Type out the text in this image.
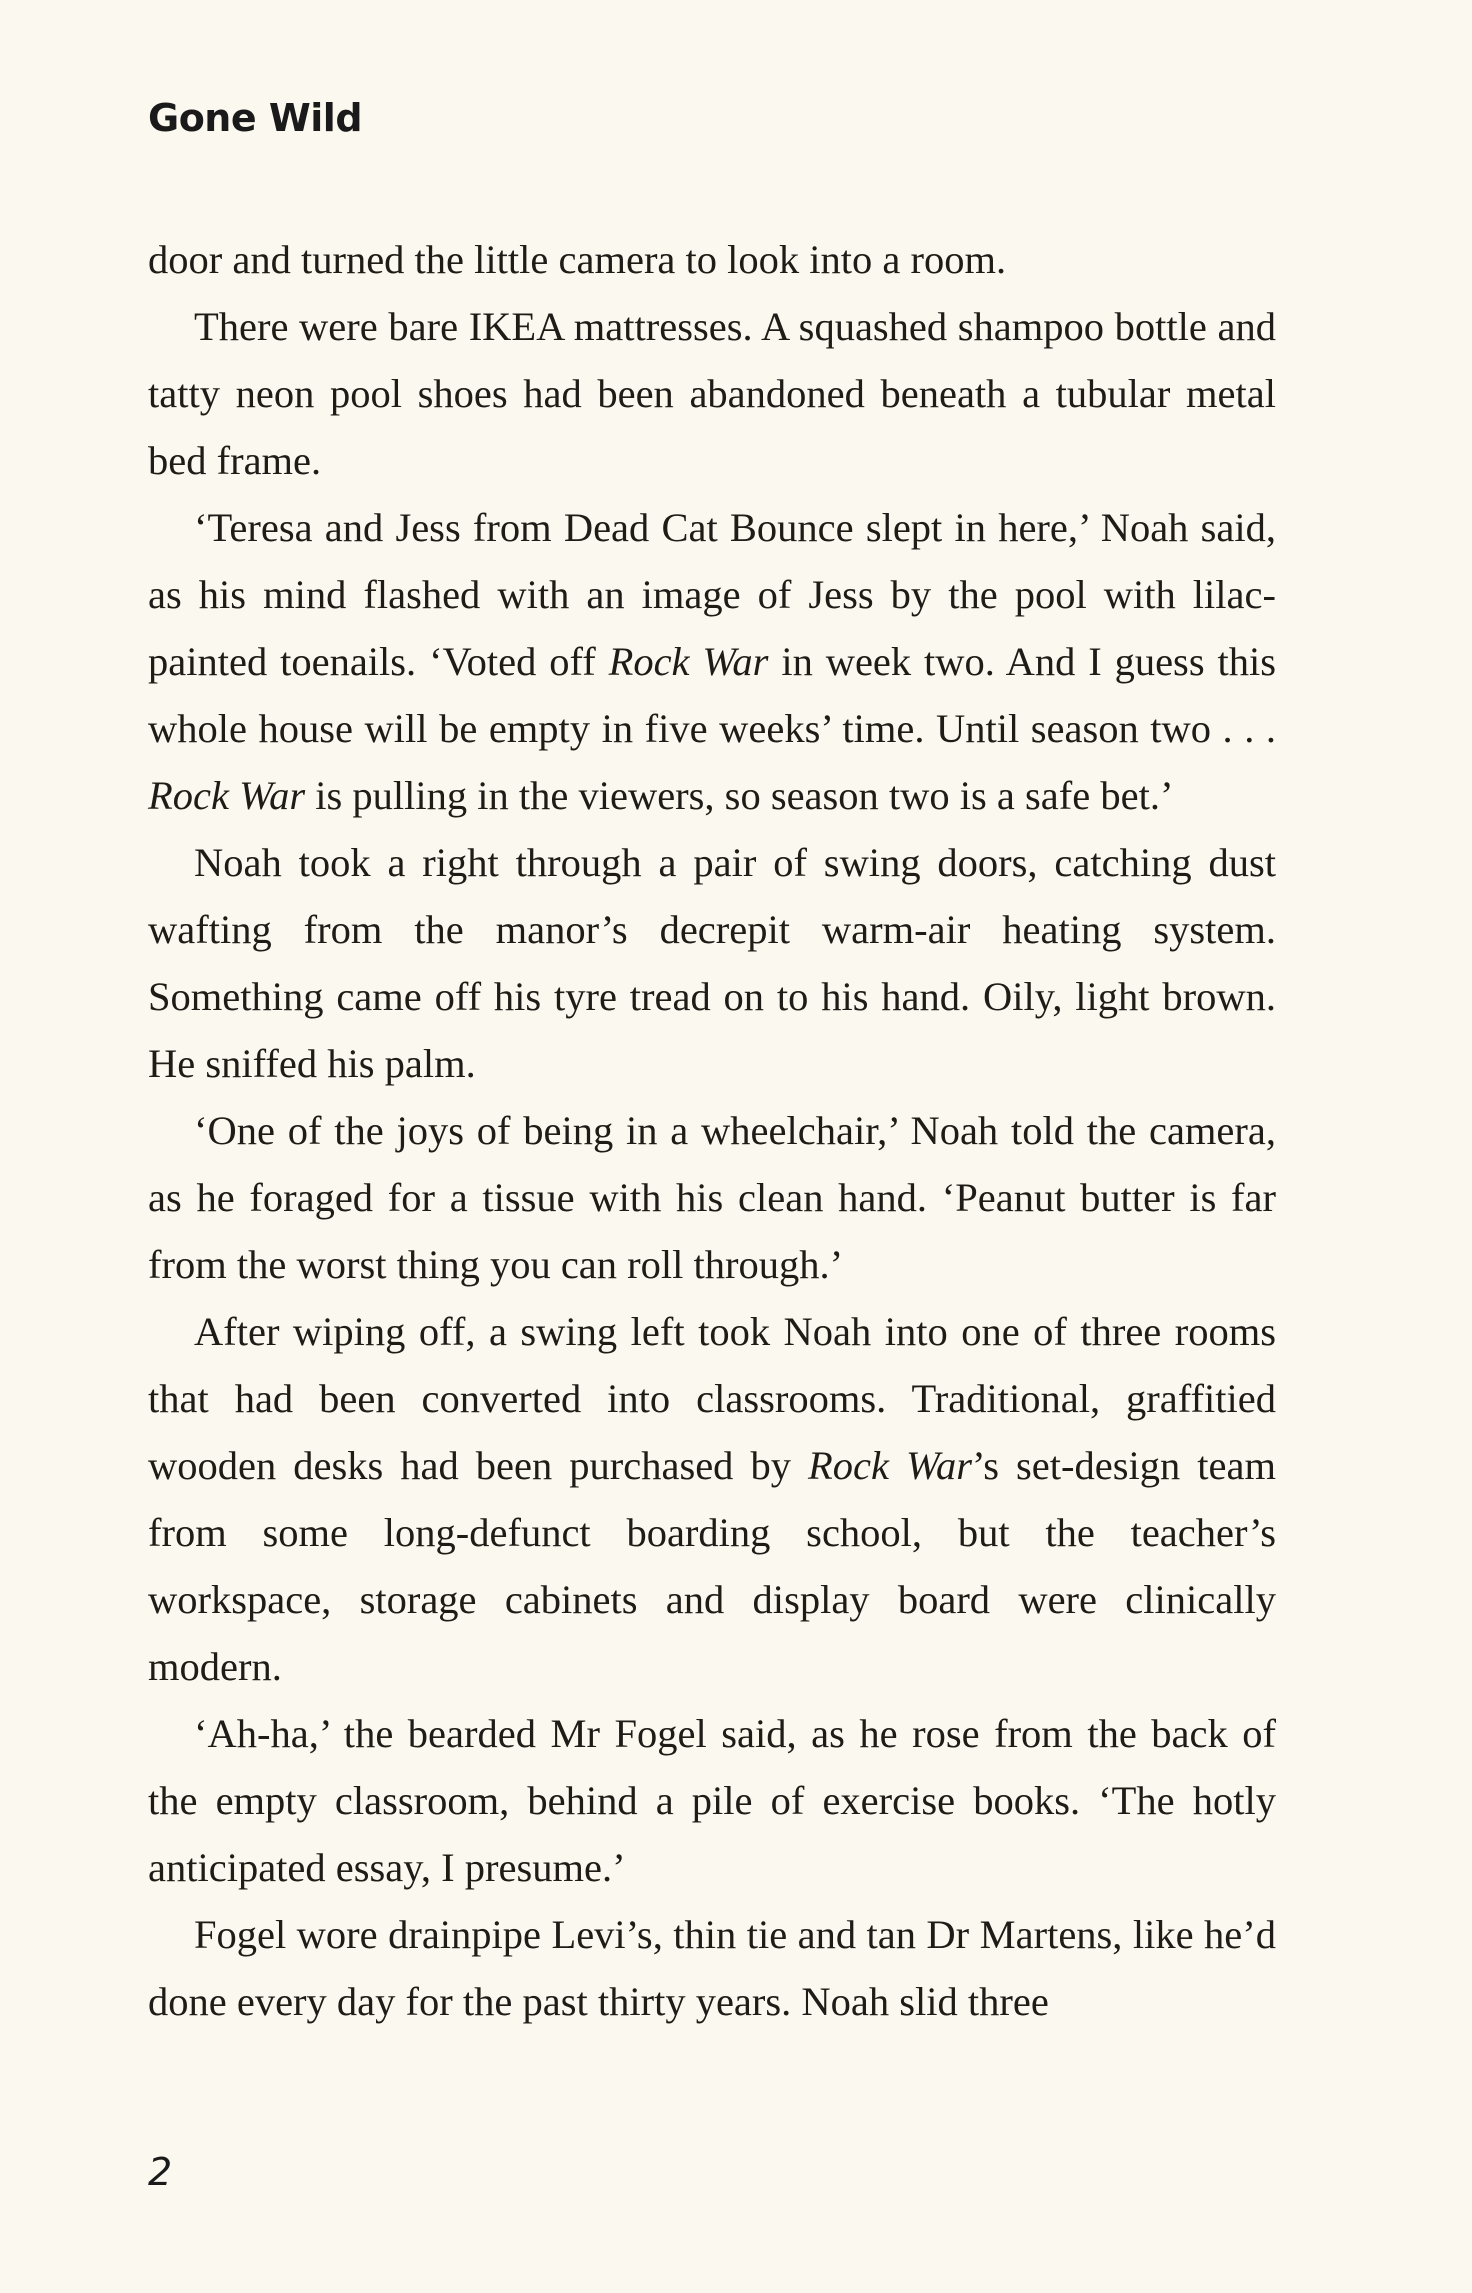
Gone Wild

door and turned the little camera to look into a room.

There were bare IKEA mattresses. A squashed shampoo bottle and tatty neon pool shoes had been abandoned beneath a tubular metal bed frame.

‘Teresa and Jess from Dead Cat Bounce slept in here,’ Noah said, as his mind flashed with an image of Jess by the pool with lilac-painted toenails. ‘Voted off Rock War in week two. And I guess this whole house will be empty in five weeks’ time. Until season two . . . Rock War is pulling in the viewers, so season two is a safe bet.’

Noah took a right through a pair of swing doors, catching dust wafting from the manor’s decrepit warm-air heating system. Something came off his tyre tread on to his hand. Oily, light brown. He sniffed his palm.

‘One of the joys of being in a wheelchair,’ Noah told the camera, as he foraged for a tissue with his clean hand. ‘Peanut butter is far from the worst thing you can roll through.’

After wiping off, a swing left took Noah into one of three rooms that had been converted into classrooms. Traditional, graffitied wooden desks had been purchased by Rock War’s set-design team from some long-defunct boarding school, but the teacher’s workspace, storage cabinets and display board were clinically modern.

‘Ah-ha,’ the bearded Mr Fogel said, as he rose from the back of the empty classroom, behind a pile of exercise books. ‘The hotly anticipated essay, I presume.’

Fogel wore drainpipe Levi’s, thin tie and tan Dr Martens, like he’d done every day for the past thirty years. Noah slid three

2
